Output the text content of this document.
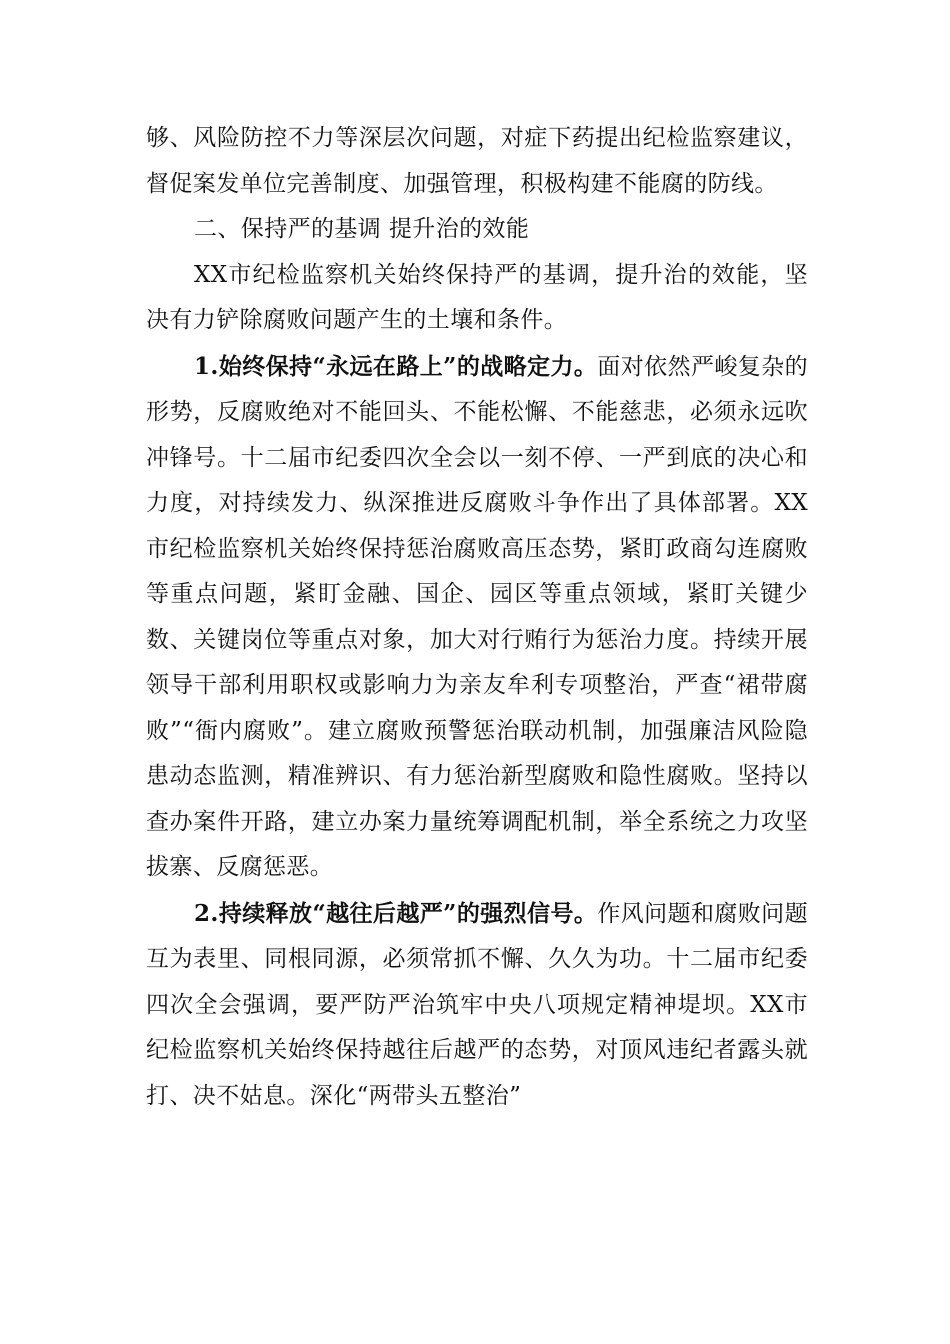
够、风险防控不力等深层次问题，对症下药提出纪检监察建议，督促案发单位完善制度、加强管理，积极构建不能腐的防线。

二、保持严的基调 提升治的效能

XX市纪检监察机关始终保持严的基调，提升治的效能，坚决有力铲除腐败问题产生的土壤和条件。

1.始终保持“永远在路上”的战略定力。面对依然严峻复杂的形势，反腐败绝对不能回头、不能松懈、不能慈悲，必须永远吹冲锋号。十二届市纪委四次全会以一刻不停、一严到底的决心和力度，对持续发力、纵深推进反腐败斗争作出了具体部署。XX市纪检监察机关始终保持惩治腐败高压态势，紧盯政商勾连腐败等重点问题，紧盯金融、国企、园区等重点领域，紧盯关键少数、关键岗位等重点对象，加大对行贿行为惩治力度。持续开展领导干部利用职权或影响力为亲友牟利专项整治，严查“裙带腐败”“衙内腐败”。建立腐败预警惩治联动机制，加强廉洁风险隐患动态监测，精准辨识、有力惩治新型腐败和隐性腐败。坚持以查办案件开路，建立办案力量统筹调配机制，举全系统之力攻坚拔寨、反腐惩恶。

2.持续释放“越往后越严”的强烈信号。作风问题和腐败问题互为表里、同根同源，必须常抓不懈、久久为功。十二届市纪委四次全会强调，要严防严治筑牢中央八项规定精神堤坝。XX市纪检监察机关始终保持越往后越严的态势，对顶风违纪者露头就打、决不姑息。深化“两带头五整治”
